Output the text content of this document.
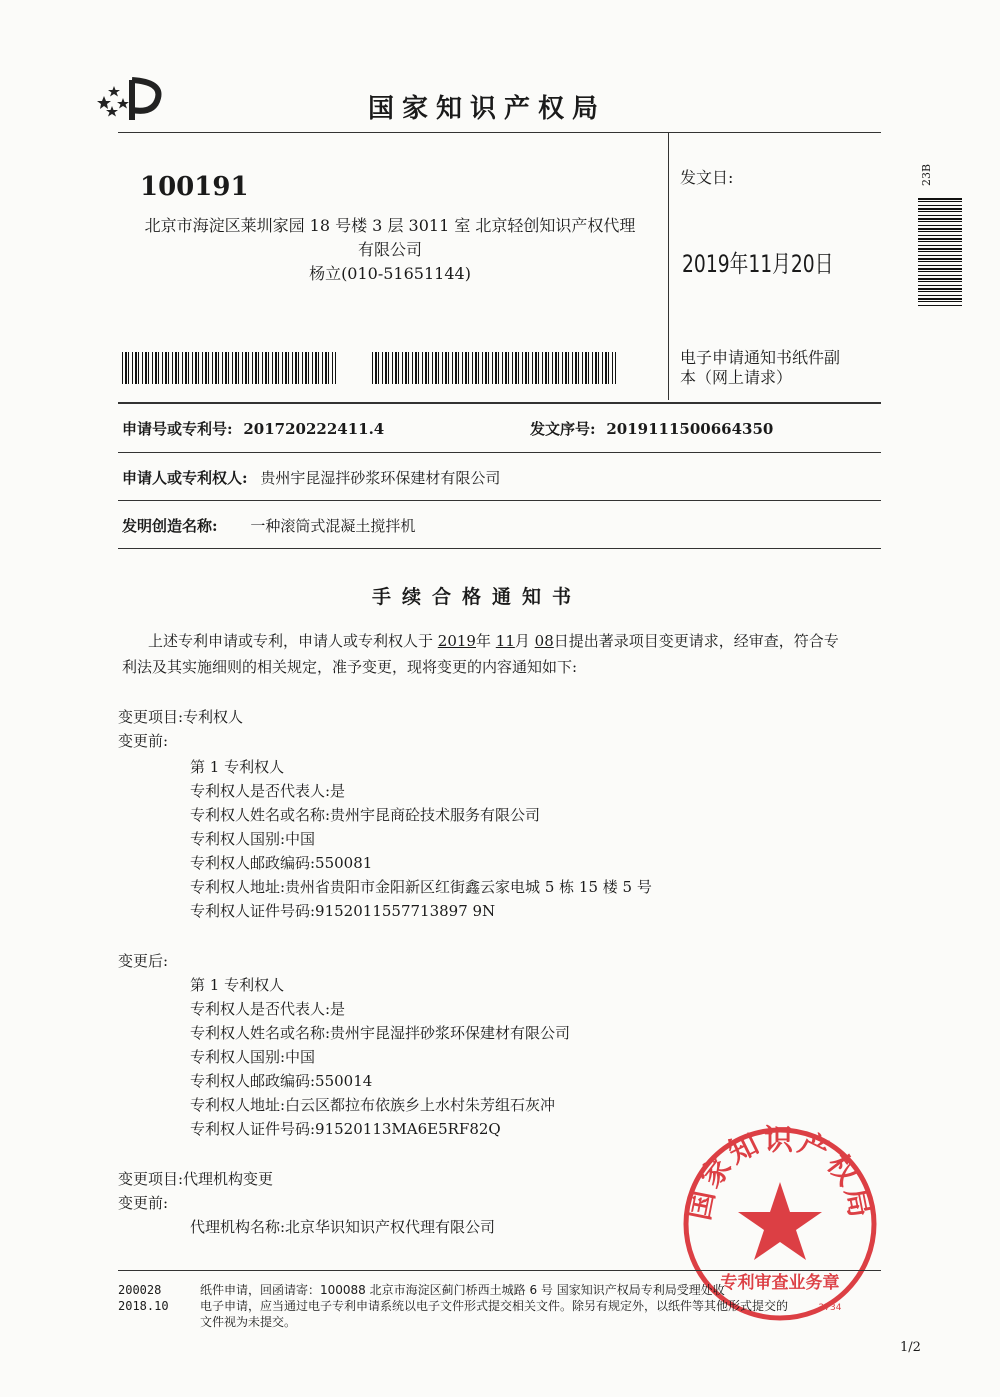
国家知识产权局
100191
北京市海淀区莱圳家园 18 号楼 3 层 3011 室 北京轻创知识产权代理
有限公司
杨立(010-51651144)
发文日:
2019年11月20日
电子申请通知书纸件副
本（网上请求）
23B
申请号或专利号: 201720222411.4	发文序号: 2019111500664350
申请人或专利权人: 贵州宇昆湿拌砂浆环保建材有限公司
发明创造名称: 一种滚筒式混凝土搅拌机
手续合格通知书
上述专利申请或专利，申请人或专利权人于 2019年 11月 08日提出著录项目变更请求，经审查，符合专
利法及其实施细则的相关规定，准予变更，现将变更的内容通知如下:
变更项目:专利权人
变更前:
第 1 专利权人
专利权人是否代表人:是
专利权人姓名或名称:贵州宇昆商砼技术服务有限公司
专利权人国别:中国
专利权人邮政编码:550081
专利权人地址:贵州省贵阳市金阳新区红街鑫云家电城 5 栋 15 楼 5 号
专利权人证件号码:9152011557713897 9N
变更后:
第 1 专利权人
专利权人是否代表人:是
专利权人姓名或名称:贵州宇昆湿拌砂浆环保建材有限公司
专利权人国别:中国
专利权人邮政编码:550014
专利权人地址:白云区都拉布依族乡上水村朱芳组石灰冲
专利权人证件号码:91520113MA6E5RF82Q
变更项目:代理机构变更
变更前:
代理机构名称:北京华识知识产权代理有限公司
国家知识产权局
专利审查业务章
2734
200028
2018.10
纸件申请，回函请寄：100088 北京市海淀区蓟门桥西土城路 6 号 国家知识产权局专利局受理处收
电子申请，应当通过电子专利申请系统以电子文件形式提交相关文件。除另有规定外，以纸件等其他形式提交的
文件视为未提交。
1/2
